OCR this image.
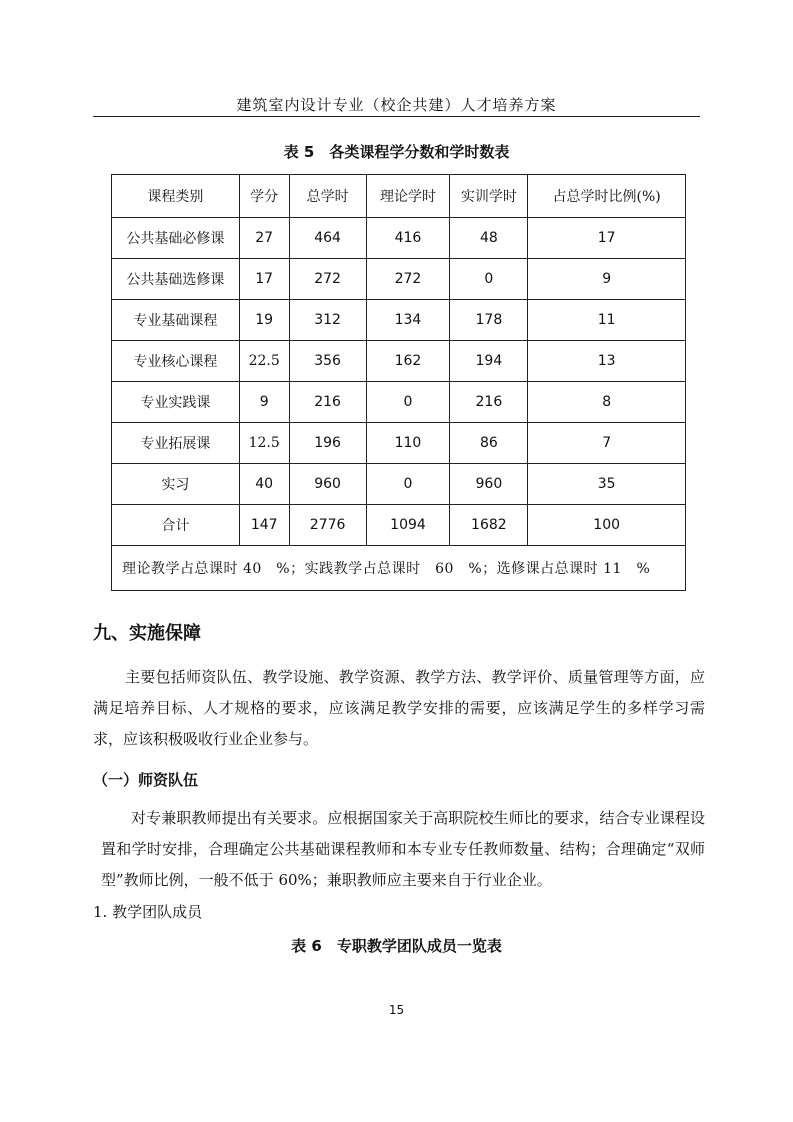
建筑室内设计专业（校企共建）人才培养方案
表 5　各类课程学分数和学时数表
课程类别	学分	总学时	理论学时	实训学时	占总学时比例(%)
公共基础必修课	27	464	416	48	17
公共基础选修课	17	272	272	0	9
专业基础课程	19	312	134	178	11
专业核心课程	22.5	356	162	194	13
专业实践课	9	216	0	216	8
专业拓展课	12.5	196	110	86	7
实习	40	960	0	960	35
合计	147	2776	1094	1682	100
理论教学占总课时 40　%；实践教学占总课时　60　%；选修课占总课时 11　%					
九、实施保障
主要包括师资队伍、教学设施、教学资源、教学方法、教学评价、质量管理等方面，应满足培养目标、人才规格的要求，应该满足教学安排的需要，应该满足学生的多样学习需求，应该积极吸收行业企业参与。
（一）师资队伍
对专兼职教师提出有关要求。应根据国家关于高职院校生师比的要求，结合专业课程设置和学时安排，合理确定公共基础课程教师和本专业专任教师数量、结构；合理确定“双师型”教师比例，一般不低于 60%；兼职教师应主要来自于行业企业。
1. 教学团队成员
表 6　专职教学团队成员一览表
15
